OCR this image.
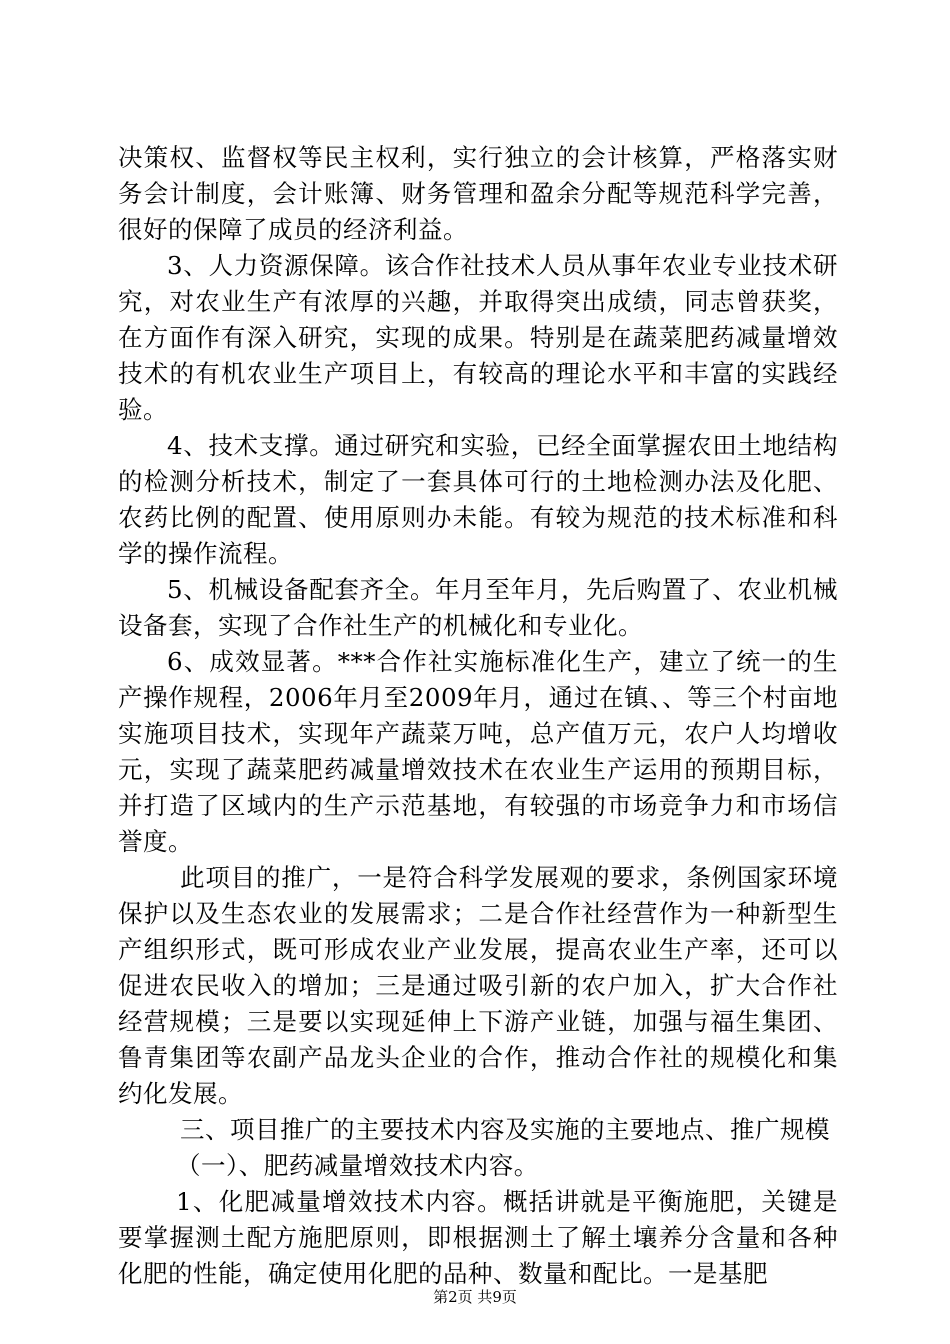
决策权、监督权等民主权利，实行独立的会计核算，严格落实财务会计制度，会计账簿、财务管理和盈余分配等规范科学完善，很好的保障了成员的经济利益。

3、人力资源保障。该合作社技术人员从事年农业专业技术研究，对农业生产有浓厚的兴趣，并取得突出成绩，同志曾获奖，在方面作有深入研究，实现的成果。特别是在蔬菜肥药减量增效技术的有机农业生产项目上，有较高的理论水平和丰富的实践经验。

4、技术支撑。通过研究和实验，已经全面掌握农田土地结构的检测分析技术，制定了一套具体可行的土地检测办法及化肥、农药比例的配置、使用原则办未能。有较为规范的技术标准和科学的操作流程。

5、机械设备配套齐全。年月至年月，先后购置了、农业机械设备套，实现了合作社生产的机械化和专业化。

6、成效显著。***合作社实施标准化生产，建立了统一的生产操作规程，2006年月至2009年月，通过在镇、、等三个村亩地实施项目技术，实现年产蔬菜万吨，总产值万元，农户人均增收元，实现了蔬菜肥药减量增效技术在农业生产运用的预期目标，并打造了区域内的生产示范基地，有较强的市场竞争力和市场信誉度。

此项目的推广，一是符合科学发展观的要求，条例国家环境保护以及生态农业的发展需求；二是合作社经营作为一种新型生产组织形式，既可形成农业产业发展，提高农业生产率，还可以促进农民收入的增加；三是通过吸引新的农户加入，扩大合作社经营规模；三是要以实现延伸上下游产业链，加强与福生集团、鲁青集团等农副产品龙头企业的合作，推动合作社的规模化和集约化发展。

三、项目推广的主要技术内容及实施的主要地点、推广规模

（一）、肥药减量增效技术内容。

1、化肥减量增效技术内容。概括讲就是平衡施肥，关键是要掌握测土配方施肥原则，即根据测土了解土壤养分含量和各种化肥的性能，确定使用化肥的品种、数量和配比。一是基肥

第2页 共9页
